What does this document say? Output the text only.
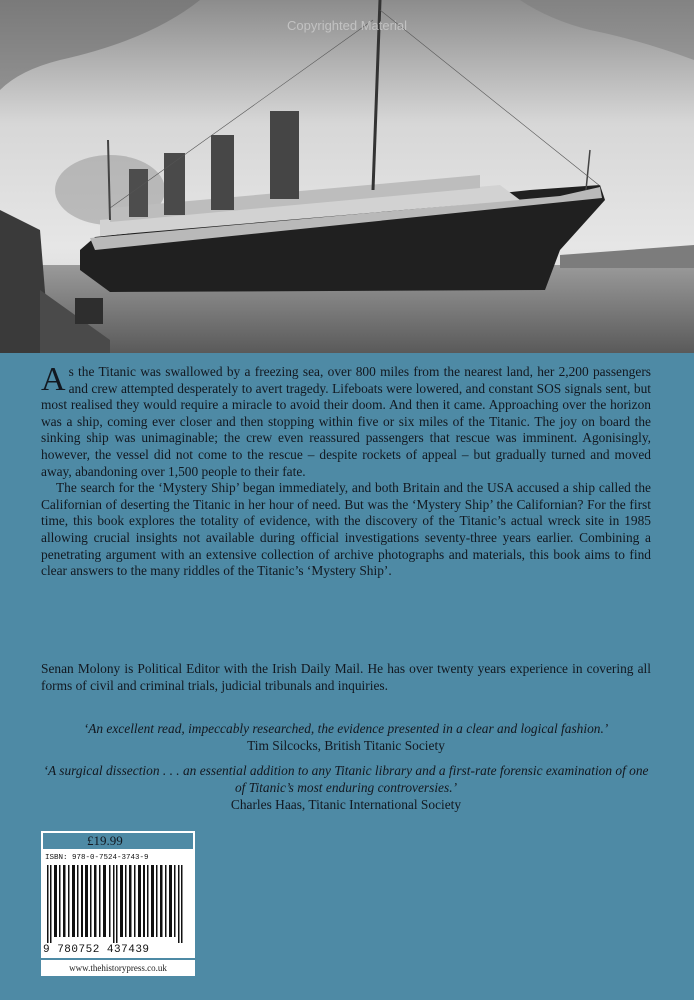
Copyrighted Material

As the Titanic was swallowed by a freezing sea, over 800 miles from the nearest land, her 2,200 passengers and crew attempted desperately to avert tragedy. Lifeboats were lowered, and constant SOS signals sent, but most realised they would require a miracle to avoid their doom. And then it came. Approaching over the horizon was a ship, coming ever closer and then stopping within five or six miles of the Titanic. The joy on board the sinking ship was unimaginable; the crew even reassured passengers that rescue was imminent. Agonisingly, however, the vessel did not come to the rescue – despite rockets of appeal – but gradually turned and moved away, abandoning over 1,500 people to their fate.

The search for the ‘Mystery Ship’ began immediately, and both Britain and the USA accused a ship called the Californian of deserting the Titanic in her hour of need. But was the ‘Mystery Ship’ the Californian? For the first time, this book explores the totality of evidence, with the discovery of the Titanic’s actual wreck site in 1985 allowing crucial insights not available during official investigations seventy-three years earlier. Combining a penetrating argument with an extensive collection of archive photographs and materials, this book aims to find clear answers to the many riddles of the Titanic’s ‘Mystery Ship’.

Senan Molony is Political Editor with the Irish Daily Mail. He has over twenty years experience in covering all forms of civil and criminal trials, judicial tribunals and inquiries.
‘An excellent read, impeccably researched, the evidence presented in a clear and logical fashion.’
Tim Silcocks, British Titanic Society
‘A surgical dissection . . . an essential addition to any Titanic library and a first-rate forensic examination of one of Titanic’s most enduring controversies.’
Charles Haas, Titanic International Society
£19.99
ISBN: 978-0-7524-3743-9
9 780752 437439
www.thehistorypress.co.uk
